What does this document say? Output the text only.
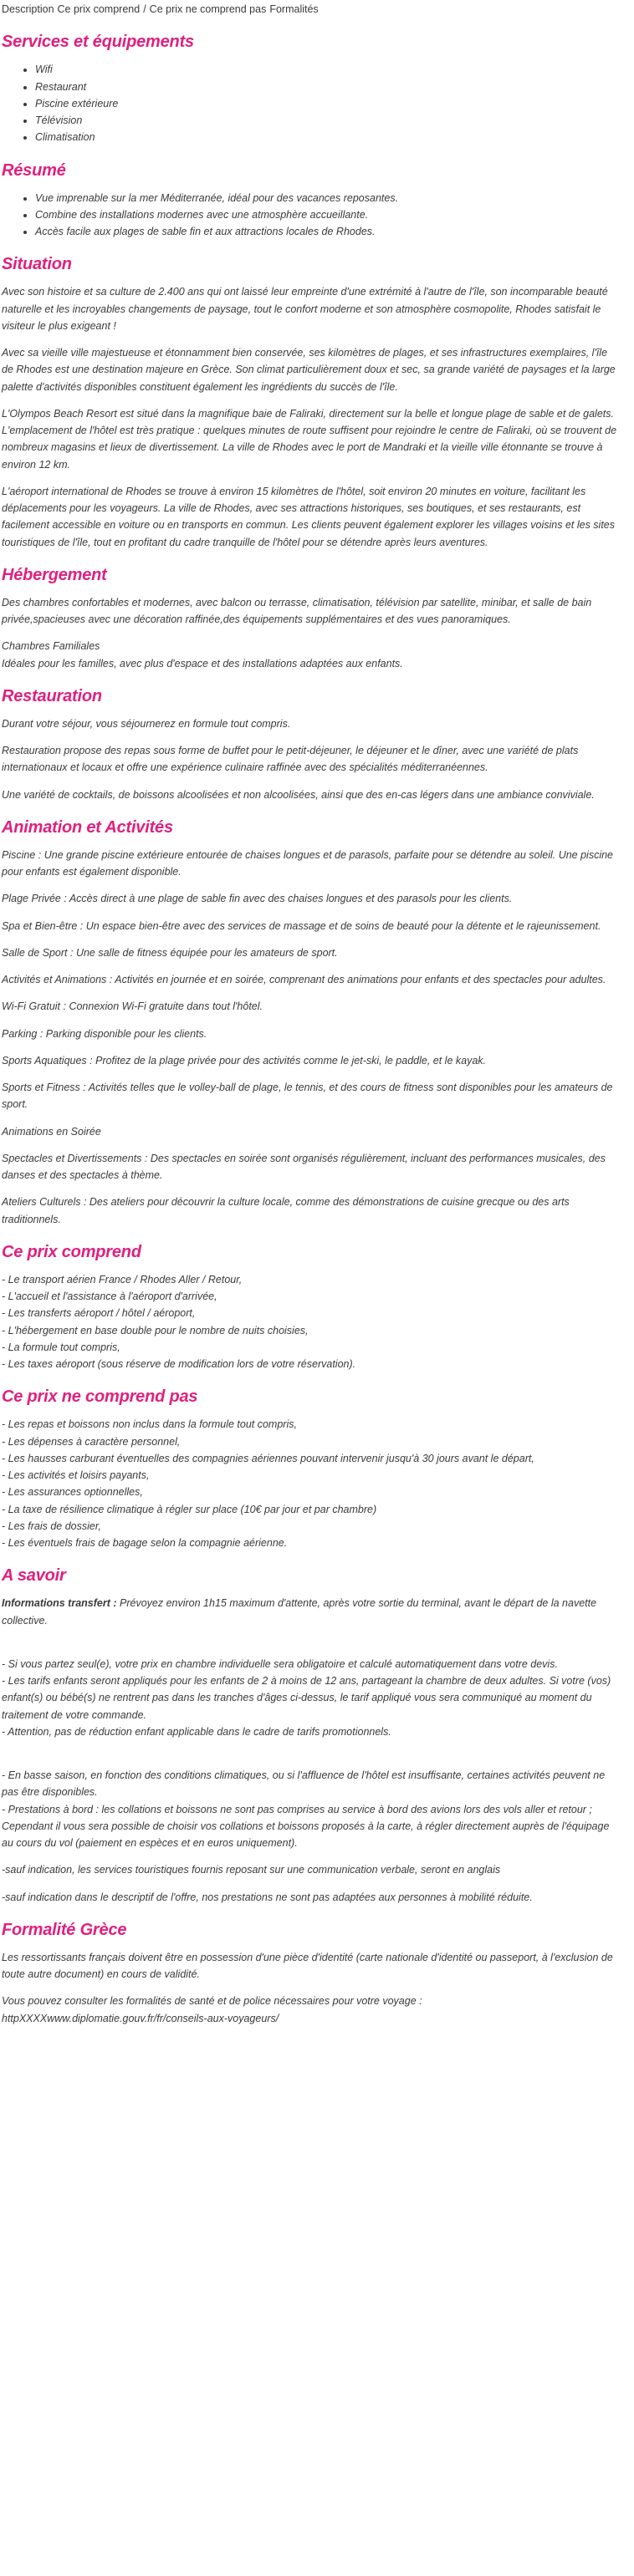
Description Ce prix comprend / Ce prix ne comprend pas Formalités
Services et équipements
• Wifi
• Restaurant
• Piscine extérieure
• Télévision
• Climatisation
Résumé
• Vue imprenable sur la mer Méditerranée, idéal pour des vacances reposantes.
• Combine des installations modernes avec une atmosphère accueillante.
• Accès facile aux plages de sable fin et aux attractions locales de Rhodes.
Situation

Avec son histoire et sa culture de 2.400 ans qui ont laissé leur empreinte d'une extrémité à l'autre de l'île, son incomparable beauté naturelle et les incroyables changements de paysage, tout le confort moderne et son atmosphère cosmopolite, Rhodes satisfait le visiteur le plus exigeant !

Avec sa vieille ville majestueuse et étonnamment bien conservée, ses kilomètres de plages, et ses infrastructures exemplaires, l'île de Rhodes est une destination majeure en Grèce. Son climat particulièrement doux et sec, sa grande variété de paysages et la large palette d'activités disponibles constituent également les ingrédients du succès de l'île.

L'Olympos Beach Resort est situé dans la magnifique baie de Faliraki, directement sur la belle et longue plage de sable et de galets. L'emplacement de l'hôtel est très pratique : quelques minutes de route suffisent pour rejoindre le centre de Faliraki, où se trouvent de nombreux magasins et lieux de divertissement. La ville de Rhodes avec le port de Mandraki et la vieille ville étonnante se trouve à environ 12 km.

L'aéroport international de Rhodes se trouve à environ 15 kilomètres de l'hôtel, soit environ 20 minutes en voiture, facilitant les déplacements pour les voyageurs. La ville de Rhodes, avec ses attractions historiques, ses boutiques, et ses restaurants, est facilement accessible en voiture ou en transports en commun. Les clients peuvent également explorer les villages voisins et les sites touristiques de l'île, tout en profitant du cadre tranquille de l'hôtel pour se détendre après leurs aventures.

Hébergement

Des chambres confortables et modernes, avec balcon ou terrasse, climatisation, télévision par satellite, minibar, et salle de bain privée,spacieuses avec une décoration raffinée,des équipements supplémentaires et des vues panoramiques.

Chambres Familiales
Idéales pour les familles, avec plus d'espace et des installations adaptées aux enfants.
Restauration

Durant votre séjour, vous séjournerez en formule tout compris.

Restauration propose des repas sous forme de buffet pour le petit-déjeuner, le déjeuner et le dîner, avec une variété de plats internationaux et locaux et offre une expérience culinaire raffinée avec des spécialités méditerranéennes.

Une variété de cocktails, de boissons alcoolisées et non alcoolisées, ainsi que des en-cas légers dans une ambiance conviviale.

Animation et Activités

Piscine : Une grande piscine extérieure entourée de chaises longues et de parasols, parfaite pour se détendre au soleil. Une piscine pour enfants est également disponible.

Plage Privée : Accès direct à une plage de sable fin avec des chaises longues et des parasols pour les clients.

Spa et Bien-être : Un espace bien-être avec des services de massage et de soins de beauté pour la détente et le rajeunissement.

Salle de Sport : Une salle de fitness équipée pour les amateurs de sport.

Activités et Animations : Activités en journée et en soirée, comprenant des animations pour enfants et des spectacles pour adultes.

Wi-Fi Gratuit : Connexion Wi-Fi gratuite dans tout l'hôtel.

Parking : Parking disponible pour les clients.

Sports Aquatiques : Profitez de la plage privée pour des activités comme le jet-ski, le paddle, et le kayak.

Sports et Fitness : Activités telles que le volley-ball de plage, le tennis, et des cours de fitness sont disponibles pour les amateurs de sport.

Animations en Soirée

Spectacles et Divertissements : Des spectacles en soirée sont organisés régulièrement, incluant des performances musicales, des danses et des spectacles à thème.

Ateliers Culturels : Des ateliers pour découvrir la culture locale, comme des démonstrations de cuisine grecque ou des arts traditionnels.

Ce prix comprend
- Le transport aérien France / Rhodes Aller / Retour,
- L'accueil et l'assistance à l'aéroport d'arrivée,
- Les transferts aéroport / hôtel / aéroport,
- L'hébergement en base double pour le nombre de nuits choisies,
- La formule tout compris,
- Les taxes aéroport (sous réserve de modification lors de votre réservation).
Ce prix ne comprend pas
- Les repas et boissons non inclus dans la formule tout compris,
- Les dépenses à caractère personnel,
- Les hausses carburant éventuelles des compagnies aériennes pouvant intervenir jusqu'à 30 jours avant le départ,
- Les activités et loisirs payants,
- Les assurances optionnelles,
- La taxe de résilience climatique à régler sur place (10€ par jour et par chambre)
- Les frais de dossier,
- Les éventuels frais de bagage selon la compagnie aérienne.
A savoir

Informations transfert : Prévoyez environ 1h15 maximum d'attente, après votre sortie du terminal, avant le départ de la navette collective.

- Si vous partez seul(e), votre prix en chambre individuelle sera obligatoire et calculé automatiquement dans votre devis.
- Les tarifs enfants seront appliqués pour les enfants de 2 à moins de 12 ans, partageant la chambre de deux adultes. Si votre (vos) enfant(s) ou bébé(s) ne rentrent pas dans les tranches d'âges ci-dessus, le tarif appliqué vous sera communiqué au moment du traitement de votre commande.
- Attention, pas de réduction enfant applicable dans le cadre de tarifs promotionnels.
- En basse saison, en fonction des conditions climatiques, ou si l'affluence de l'hôtel est insuffisante, certaines activités peuvent ne pas être disponibles.
- Prestations à bord : les collations et boissons ne sont pas comprises au service à bord des avions lors des vols aller et retour ; Cependant il vous sera possible de choisir vos collations et boissons proposés à la carte, à régler directement auprès de l'équipage au cours du vol (paiement en espèces et en euros uniquement).

-sauf indication, les services touristiques fournis reposant sur une communication verbale, seront en anglais

-sauf indication dans le descriptif de l'offre, nos prestations ne sont pas adaptées aux personnes à mobilité réduite.

Formalité Grèce

Les ressortissants français doivent être en possession d'une pièce d'identité (carte nationale d'identité ou passeport, à l'exclusion de toute autre document) en cours de validité.

Vous pouvez consulter les formalités de santé et de police nécessaires pour votre voyage :
httpXXXXwww.diplomatie.gouv.fr/fr/conseils-aux-voyageurs/
